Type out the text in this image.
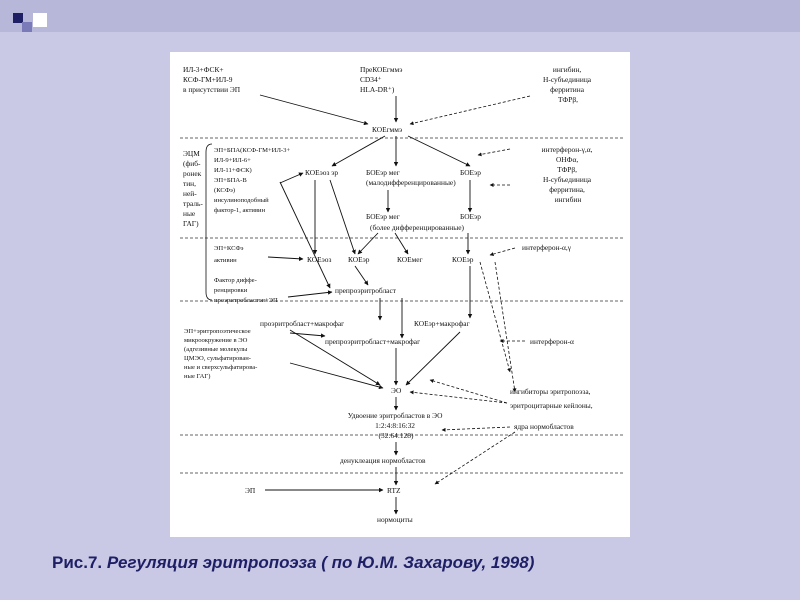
ИЛ-3+ФСК+ КСФ-ГМ+ИЛ-9 в присутствии ЭП
ПреКОЕгммэ CD34⁺ HLA-DR⁺)
ингибин, Н-субъединица ферритина ТФРβ,
КОЕгммэ
ЭЦМ (фиб- ронек тин, ней- траль- ные ГАГ)
ЭП+БПА(КСФ-ГМ+ИЛ-3+ ИЛ-9+ИЛ-6+ ИЛ-11+ФСК) ЭП+БПА-В (КСФэ) инсулиноподобный фактор-1, активин
КОЕэоз эр	БОЕэр мег (малодифференцированные)
БОЕэр
интерферон-γ,α, ОНФα, ТФРβ, Н-субъединица ферритина, ингибин
БОЕэр мег	БОЕэр
(более дифференцированные)
интерферон-α,γ
ЭП+КСФэ активин	КОЕэоз КОЕэр	КОЕмег	КОЕэр
Фактор диффе- ренцировки проэритробластов+ЭП
препроэритробласт
проэритробласт+макрофаг	КОЕэр+макрофаг
ЭП+эритропоэтическое микроокружение в ЭО (адгезивные молекулы ЦМЭО, сульфатирован- ные и сверхсульфатирова- ные ГАГ)
препроэритробласт+макрофаг	интерферон-α
ЭО	ингибиторы эритропоэза, эритроцитарные кейлоны,
Удвоение эритробластов в ЭО 1:2:4:8:16:32 (32:64:128)
ядра нормобластов
денуклеация нормобластов
ЭП	RTZ
нормоциты

Рис.7. Регуляция эритропоэза ( по Ю.М. Захарову, 1998)
